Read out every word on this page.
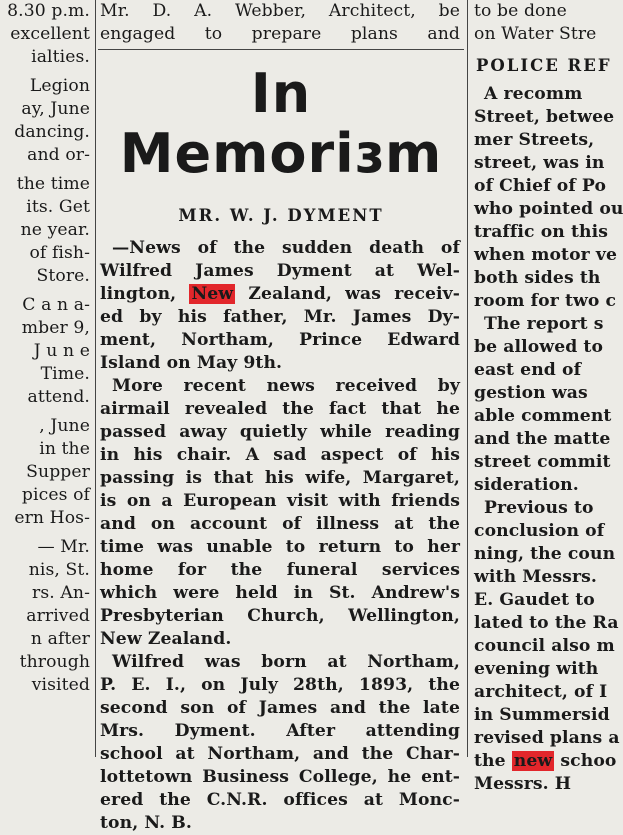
8.30 p.m.
excellent
ialties.
Legion
ay, June
dancing.
and or-
the time
its. Get
ne year.
of fish-
Store.
C a n a-
mber 9,
J u n e
Time.
attend.
, June
in the
Supper
pices of
ern Hos-
— Mr.
nis, St.
rs. An-
arrived
n after
through
visited
Mr. D. A. Webber, Architect, be
engaged to prepare plans and
In Memoriɜm
MR. W. J. DYMENT
—News of the sudden death of
Wilfred James Dyment at Wel-
lington, New Zealand, was receiv-
ed by his father, Mr. James Dy-
ment, Northam, Prince Edward
Island on May 9th.
More recent news received by
airmail revealed the fact that he
passed away quietly while reading
in his chair. A sad aspect of his
passing is that his wife, Margaret,
is on a European visit with friends
and on account of illness at the
time was unable to return to her
home for the funeral services
which were held in St. Andrew's
Presbyterian Church, Wellington,
New Zealand.
Wilfred was born at Northam,
P. E. I., on July 28th, 1893, the
second son of James and the late
Mrs. Dyment. After attending
school at Northam, and the Char-
lottetown Business College, he ent-
ered the C.N.R. offices at Monc-
ton, N. B.
to be done
on Water Stre
POLICE REF
A recomm
Street, betwee
mer Streets,
street, was in
of Chief of Po
who pointed ou
traffic on this
when motor ve
both sides th
room for two c
The report s
be allowed to
east end of
gestion was
able comment
and the matte
street commit
sideration.
Previous to
conclusion of
ning, the coun
with Messrs.
E. Gaudet to
lated to the Ra
council also m
evening with
architect, of I
in Summersid
revised plans a
the new schoo
Messrs. H
